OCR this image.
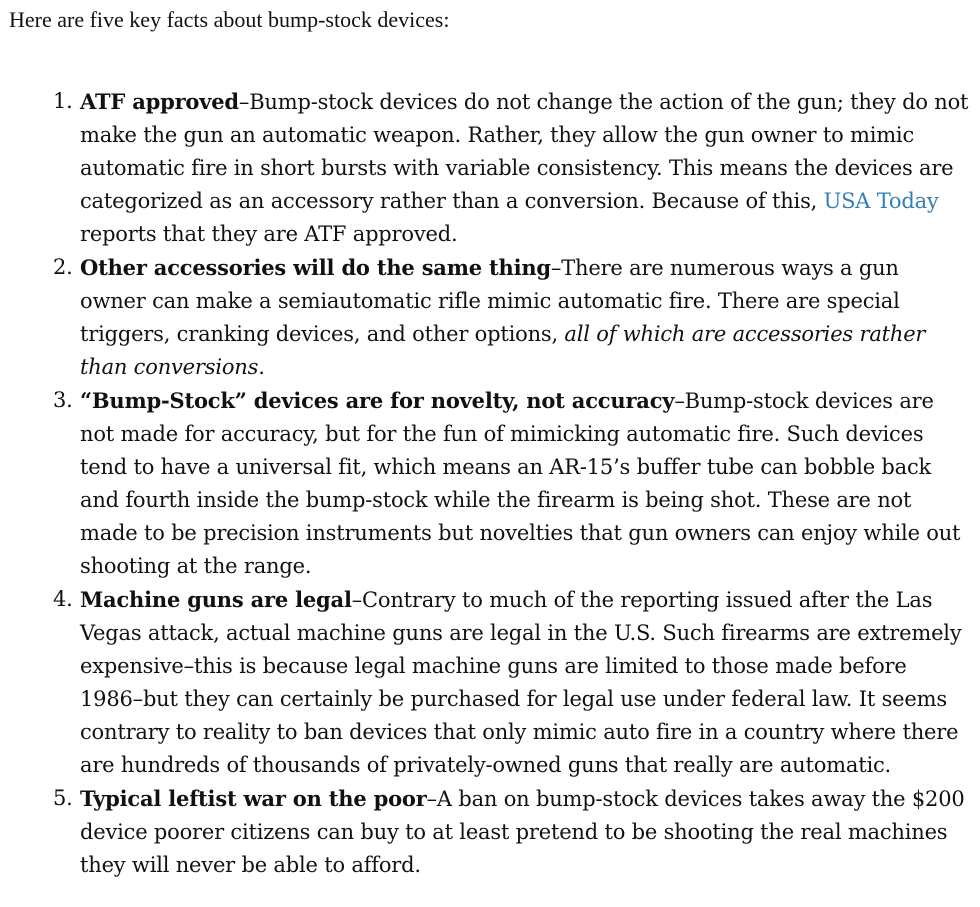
Here are five key facts about bump-stock devices:

1. ATF approved–Bump-stock devices do not change the action of the gun; they do not make the gun an automatic weapon. Rather, they allow the gun owner to mimic automatic fire in short bursts with variable consistency. This means the devices are categorized as an accessory rather than a conversion. Because of this, USA Today reports that they are ATF approved.
2. Other accessories will do the same thing–There are numerous ways a gun owner can make a semiautomatic rifle mimic automatic fire. There are special triggers, cranking devices, and other options, all of which are accessories rather than conversions.
3. “Bump-Stock” devices are for novelty, not accuracy–Bump-stock devices are not made for accuracy, but for the fun of mimicking automatic fire. Such devices tend to have a universal fit, which means an AR-15’s buffer tube can bobble back and fourth inside the bump-stock while the firearm is being shot. These are not made to be precision instruments but novelties that gun owners can enjoy while out shooting at the range.
4. Machine guns are legal–Contrary to much of the reporting issued after the Las Vegas attack, actual machine guns are legal in the U.S. Such firearms are extremely expensive–this is because legal machine guns are limited to those made before 1986–but they can certainly be purchased for legal use under federal law. It seems contrary to reality to ban devices that only mimic auto fire in a country where there are hundreds of thousands of privately-owned guns that really are automatic.
5. Typical leftist war on the poor–A ban on bump-stock devices takes away the $200 device poorer citizens can buy to at least pretend to be shooting the real machines they will never be able to afford.
